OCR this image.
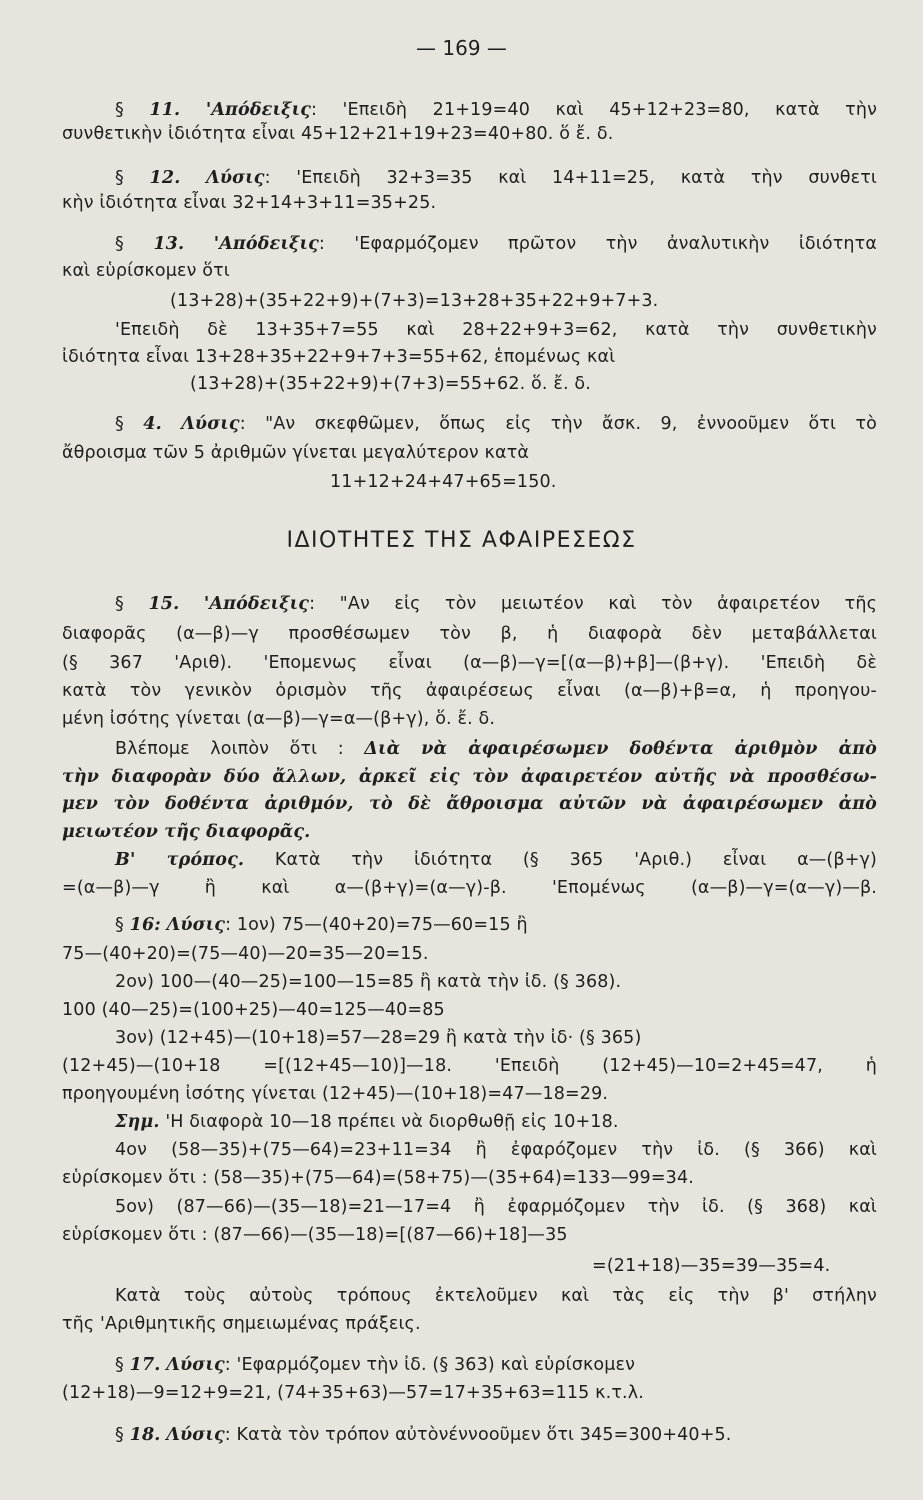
— 169 —
§ 11. 'Απόδειξις: 'Επειδὴ 21+19=40 καὶ 45+12+23=80, κατὰ τὴν
συνθετικὴν ἰδιότητα εἶναι 45+12+21+19+23=40+80. ὅ ἔ. δ.
§ 12. Λύσις: 'Επειδὴ 32+3=35 καὶ 14+11=25, κατὰ τὴν συνθετι
κὴν ἰδιότητα εἶναι 32+14+3+11=35+25.
§ 13. 'Απόδειξις: 'Εφαρμόζομεν πρῶτον τὴν ἀναλυτικὴν ἰδιότητα
καὶ εὑρίσκομεν ὅτι
(13+28)+(35+22+9)+(7+3)=13+28+35+22+9+7+3.
'Επειδὴ δὲ 13+35+7=55 καὶ 28+22+9+3=62, κατὰ τὴν συνθετικὴν
ἰδιότητα εἶναι 13+28+35+22+9+7+3=55+62, ἑπομένως καὶ
(13+28)+(35+22+9)+(7+3)=55+62. ὅ. ἔ. δ.
§ 4. Λύσις: "Αν σκεφθῶμεν, ὅπως εἰς τὴν ἄσκ. 9, ἐννοοῦμεν ὅτι τὸ
ἄθροισμα τῶν 5 ἀριθμῶν γίνεται μεγαλύτερον κατὰ
11+12+24+47+65=150.
ΙΔΙΟΤΗΤΕΣ ΤΗΣ ΑΦΑΙΡΕΣΕΩΣ
§ 15. 'Απόδειξις: "Αν εἰς τὸν μειωτέον καὶ τὸν ἀφαιρετέον τῆς
διαφορᾶς (α—β)—γ προσθέσωμεν τὸν β, ἡ διαφορὰ δὲν μεταβάλλεται
(§ 367 'Αριθ). 'Επομενως εἶναι (α—β)—γ=[(α—β)+β]—(β+γ). 'Επειδὴ δὲ
κατὰ τὸν γενικὸν ὁρισμὸν τῆς ἀφαιρέσεως εἶναι (α—β)+β=α, ἡ προηγου-
μένη ἰσότης γίνεται (α—β)—γ=α—(β+γ), ὅ. ἔ. δ.
Βλέπομε λοιπὸν ὅτι : Διὰ νὰ ἀφαιρέσωμεν δοθέντα ἀριθμὸν ἀπὸ
τὴν διαφορὰν δύο ἄλλων, ἀρκεῖ εἰς τὸν ἀφαιρετέον αὐτῆς νὰ προσθέσω-
μεν τὸν δοθέντα ἀριθμόν, τὸ δὲ ἄθροισμα αὐτῶν νὰ ἀφαιρέσωμεν ἀπὸ
μειωτέον τῆς διαφορᾶς.
Β' τρόπος. Κατὰ τὴν ἰδιότητα (§ 365 'Αριθ.) εἶναι α—(β+γ)
=(α—β)—γ ἢ καὶ α—(β+γ)=(α—γ)-β. 'Επομένως (α—β)—γ=(α—γ)—β.
§ 16: Λύσις: 1ον) 75—(40+20)=75—60=15 ἢ
75—(40+20)=(75—40)—20=35—20=15.
2ον) 100—(40—25)=100—15=85 ἢ κατὰ τὴν ἰδ. (§ 368).
100 (40—25)=(100+25)—40=125—40=85
3ον) (12+45)—(10+18)=57—28=29 ἢ κατὰ τὴν ἰδ· (§ 365)
(12+45)—(10+18 =[(12+45—10)]—18. 'Επειδὴ (12+45)—10=2+45=47, ἡ
προηγουμένη ἰσότης γίνεται (12+45)—(10+18)=47—18=29.
Σημ. 'Η διαφορὰ 10—18 πρέπει νὰ διορθωθῇ εἰς 10+18.
4ον (58—35)+(75—64)=23+11=34 ἢ ἐφαρόζομεν τὴν ἰδ. (§ 366) καὶ
εὑρίσκομεν ὅτι : (58—35)+(75—64)=(58+75)—(35+64)=133—99=34.
5ον) (87—66)—(35—18)=21—17=4 ἢ ἐφαρμόζομεν τὴν ἰδ. (§ 368) καὶ
εὑρίσκομεν ὅτι : (87—66)—(35—18)=[(87—66)+18]—35
=(21+18)—35=39—35=4.
Κατὰ τοὺς αὐτοὺς τρόπους ἐκτελοῦμεν καὶ τὰς εἰς τὴν β' στήλην
τῆς 'Αριθμητικῆς σημειωμένας πράξεις.
§ 17. Λύσις: 'Εφαρμόζομεν τὴν ἰδ. (§ 363) καὶ εὑρίσκομεν
(12+18)—9=12+9=21, (74+35+63)—57=17+35+63=115 κ.τ.λ.
§ 18. Λύσις: Κατὰ τὸν τρόπον αὐτὸνέννοοῦμεν ὅτι 345=300+40+5.
